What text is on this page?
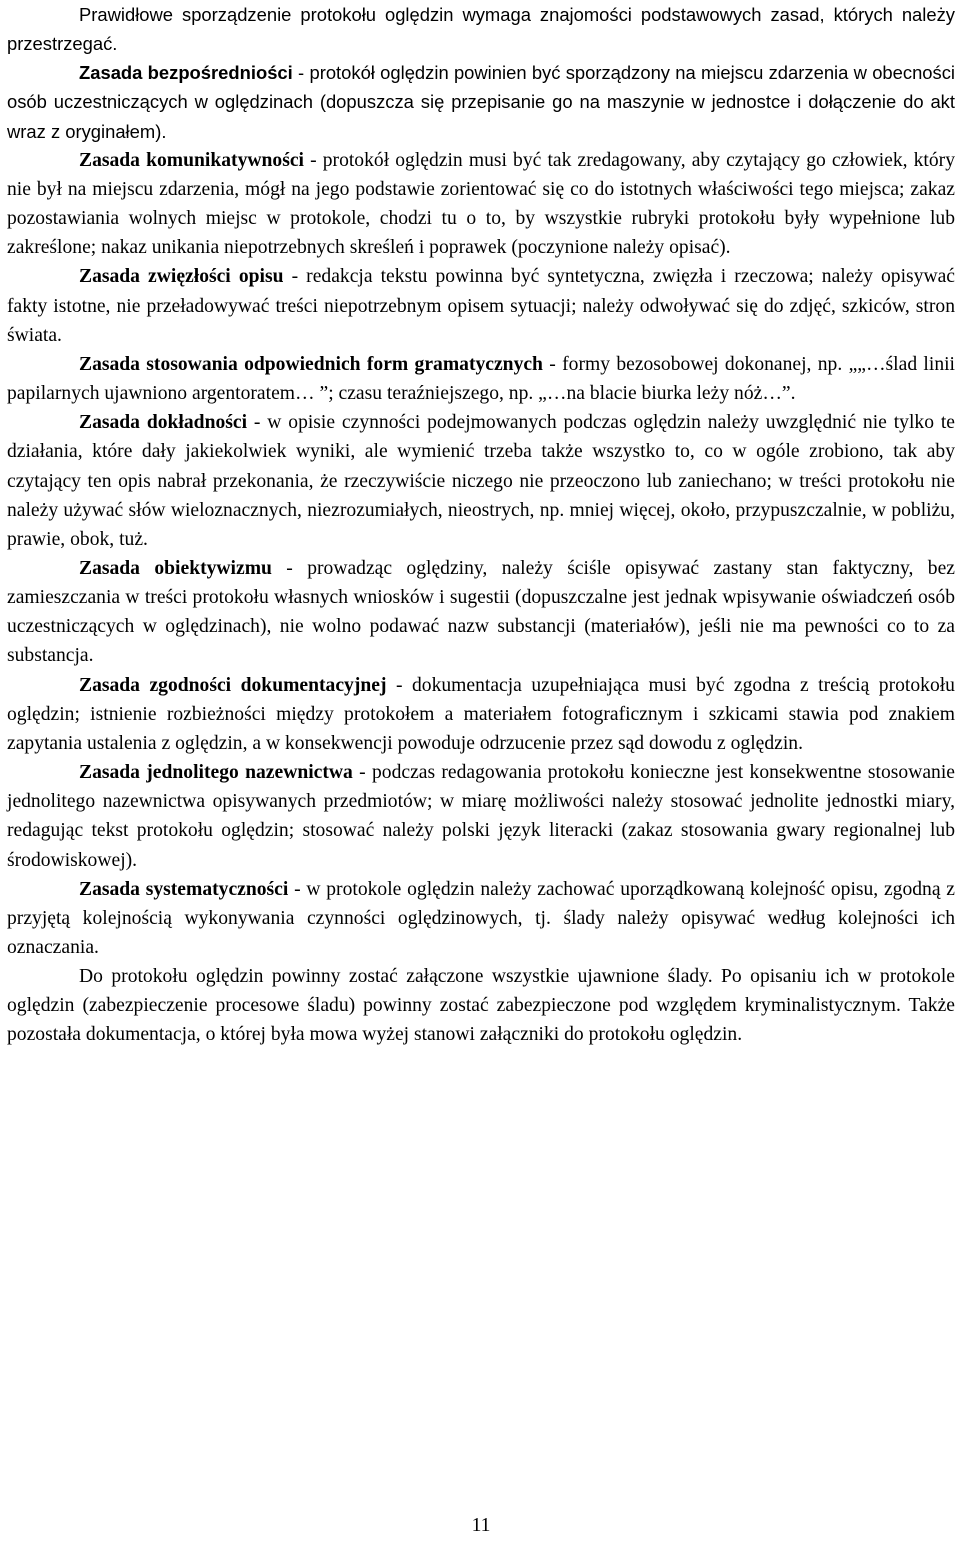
Prawidłowe sporządzenie protokołu oględzin wymaga znajomości podstawowych zasad, których należy przestrzegać.

Zasada bezpośredniości - protokół oględzin powinien być sporządzony na miejscu zdarzenia w obecności osób uczestniczących w oględzinach (dopuszcza się przepisanie go na maszynie w jednostce i dołączenie do akt wraz z oryginałem).

Zasada komunikatywności - protokół oględzin musi być tak zredagowany, aby czytający go człowiek, który nie był na miejscu zdarzenia, mógł na jego podstawie zorientować się co do istotnych właściwości tego miejsca; zakaz pozostawiania wolnych miejsc w protokole, chodzi tu o to, by wszystkie rubryki protokołu były wypełnione lub zakreślone; nakaz unikania niepotrzebnych skreśleń i poprawek (poczynione należy opisać).

Zasada zwięzłości opisu - redakcja tekstu powinna być syntetyczna, zwięzła i rzeczowa; należy opisywać fakty istotne, nie przeładowywać treści niepotrzebnym opisem sytuacji; należy odwoływać się do zdjęć, szkiców, stron świata.

Zasada stosowania odpowiednich form gramatycznych - formy bezosobowej dokonanej, np. „„…ślad linii papilarnych ujawniono argentoratem… ”; czasu teraźniejszego, np. „…na blacie biurka leży nóż…”.

Zasada dokładności - w opisie czynności podejmowanych podczas oględzin należy uwzględnić nie tylko te działania, które dały jakiekolwiek wyniki, ale wymienić trzeba także wszystko to, co w ogóle zrobiono, tak aby czytający ten opis nabrał przekonania, że rzeczywiście niczego nie przeoczono lub zaniechano; w treści protokołu nie należy używać słów wieloznacznych, niezrozumiałych, nieostrych, np. mniej więcej, około, przypuszczalnie, w pobliżu, prawie, obok, tuż.

Zasada obiektywizmu - prowadząc oględziny, należy ściśle opisywać zastany stan faktyczny, bez zamieszczania w treści protokołu własnych wniosków i sugestii (dopuszczalne jest jednak wpisywanie oświadczeń osób uczestniczących w oględzinach), nie wolno podawać nazw substancji (materiałów), jeśli nie ma pewności co to za substancja.

Zasada zgodności dokumentacyjnej - dokumentacja uzupełniająca musi być zgodna z treścią protokołu oględzin; istnienie rozbieżności między protokołem a materiałem fotograficznym i szkicami stawia pod znakiem zapytania ustalenia z oględzin, a w konsekwencji powoduje odrzucenie przez sąd dowodu z oględzin.

Zasada jednolitego nazewnictwa - podczas redagowania protokołu konieczne jest konsekwentne stosowanie jednolitego nazewnictwa opisywanych przedmiotów; w miarę możliwości należy stosować jednolite jednostki miary, redagując tekst protokołu oględzin; stosować należy polski język literacki (zakaz stosowania gwary regionalnej lub środowiskowej).

Zasada systematyczności - w protokole oględzin należy zachować uporządkowaną kolejność opisu, zgodną z przyjętą kolejnością wykonywania czynności oględzinowych, tj. ślady należy opisywać według kolejności ich oznaczania.

Do protokołu oględzin powinny zostać załączone wszystkie ujawnione ślady. Po opisaniu ich w protokole oględzin (zabezpieczenie procesowe śladu) powinny zostać zabezpieczone pod względem kryminalistycznym. Także pozostała dokumentacja, o której była mowa wyżej stanowi załączniki do protokołu oględzin.

11
